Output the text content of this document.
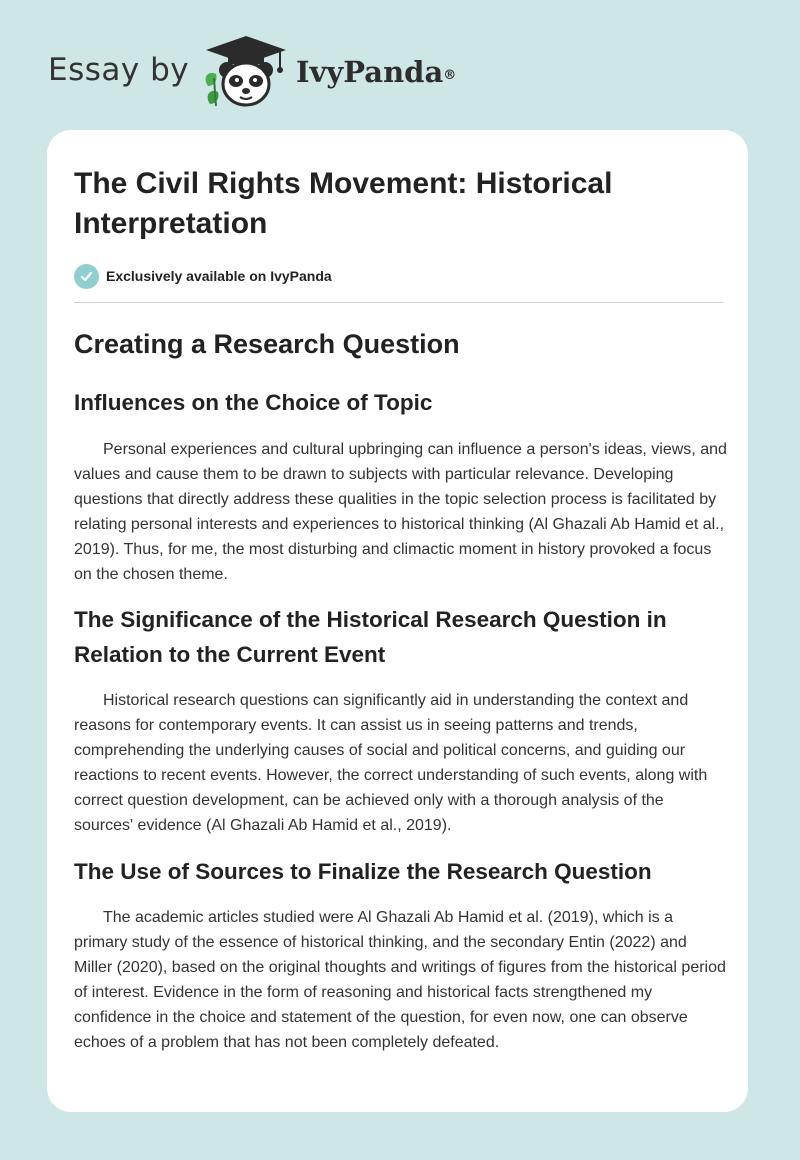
Essay by	IvyPanda®
The Civil Rights Movement: Historical Interpretation
Exclusively available on IvyPanda
Creating a Research Question
Influences on the Choice of Topic

Personal experiences and cultural upbringing can influence a person's ideas, views, and values and cause them to be drawn to subjects with particular relevance. Developing questions that directly address these qualities in the topic selection process is facilitated by relating personal interests and experiences to historical thinking (Al Ghazali Ab Hamid et al., 2019). Thus, for me, the most disturbing and climactic moment in history provoked a focus on the chosen theme.

The Significance of the Historical Research Question in Relation to the Current Event

Historical research questions can significantly aid in understanding the context and reasons for contemporary events. It can assist us in seeing patterns and trends, comprehending the underlying causes of social and political concerns, and guiding our reactions to recent events. However, the correct understanding of such events, along with correct question development, can be achieved only with a thorough analysis of the sources' evidence (Al Ghazali Ab Hamid et al., 2019).

The Use of Sources to Finalize the Research Question

The academic articles studied were Al Ghazali Ab Hamid et al. (2019), which is a primary study of the essence of historical thinking, and the secondary Entin (2022) and Miller (2020), based on the original thoughts and writings of figures from the historical period of interest. Evidence in the form of reasoning and historical facts strengthened my confidence in the choice and statement of the question, for even now, one can observe echoes of a problem that has not been completely defeated.
